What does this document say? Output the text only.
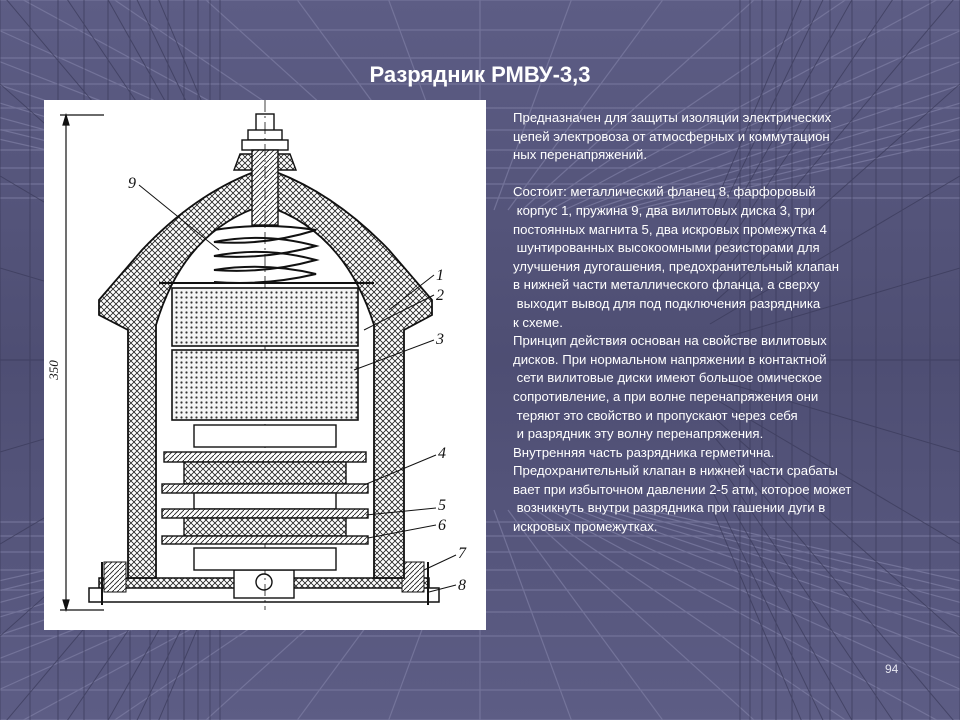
Разрядник РМВУ-3,3
350
9
1
2
3
4
5
6
7
8
Предназначен для защиты изоляции электрических
цепей электровоза от атмосферных и коммутацион
ных перенапряжений.
Состоит: металлический фланец 8, фарфоровый
корпус 1, пружина 9, два вилитовых диска 3, три
постоянных магнита 5, два искровых промежутка 4
шунтированных высокоомными резисторами для
улучшения дугогашения, предохранительный клапан
в нижней части металлического фланца, а сверху
выходит вывод для под подключения разрядника
к схеме.
Принцип действия основан на свойстве вилитовых
дисков. При нормальном напряжении в контактной
сети вилитовые диски имеют большое омическое
сопротивление, а при волне перенапряжения они
теряют это свойство и пропускают через себя
и разрядник эту волну перенапряжения.
Внутренняя часть разрядника герметична.
Предохранительный клапан в нижней части срабаты
вает при избыточном давлении 2-5 атм, которое может
возникнуть внутри разрядника при гашении дуги в
искровых промежутках.
94
